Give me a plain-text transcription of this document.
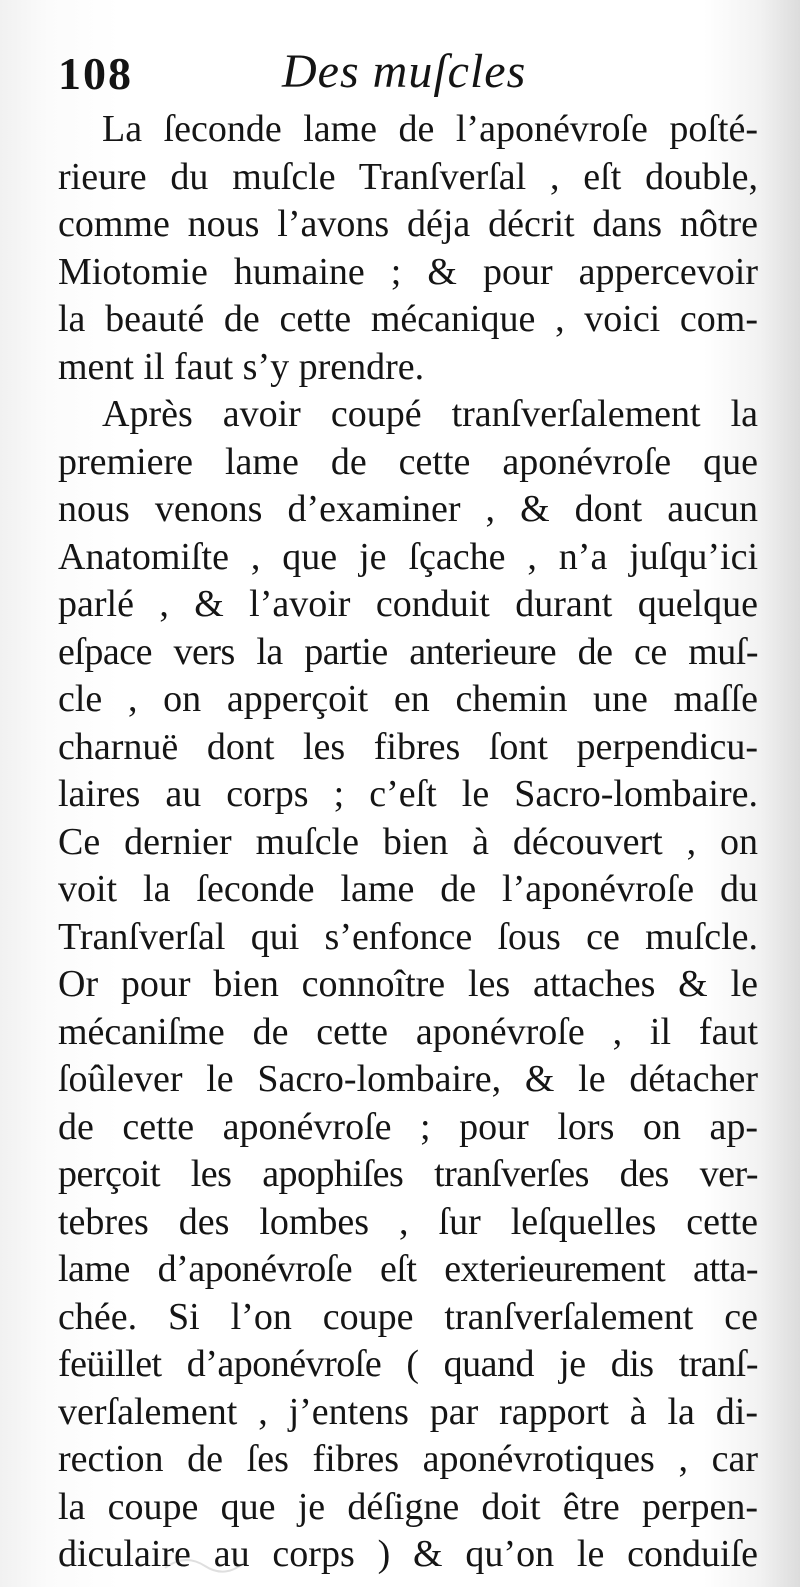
108	Des muſcles
La ſeconde lame de l’aponévroſe poſté-
rieure du muſcle Tranſverſal , eſt double,
comme nous l’avons déja décrit dans nôtre
Miotomie humaine ; & pour appercevoir
la beauté de cette mécanique , voici com-
ment il faut s’y prendre.
Après avoir coupé tranſverſalement la
premiere lame de cette aponévroſe que
nous venons d’examiner , & dont aucun
Anatomiſte , que je ſçache , n’a juſqu’ici
parlé , & l’avoir conduit durant quelque
eſpace vers la partie anterieure de ce muſ-
cle , on apperçoit en chemin une maſſe
charnuë dont les fibres ſont perpendicu-
laires au corps ; c’eſt le Sacro-lombaire.
Ce dernier muſcle bien à découvert , on
voit la ſeconde lame de l’aponévroſe du
Tranſverſal qui s’enfonce ſous ce muſcle.
Or pour bien connoître les attaches & le
mécaniſme de cette aponévroſe , il faut
ſoûlever le Sacro-lombaire, & le détacher
de cette aponévroſe ; pour lors on ap-
perçoit les apophiſes tranſverſes des ver-
tebres des lombes , ſur leſquelles cette
lame d’aponévroſe eſt exterieurement atta-
chée. Si l’on coupe tranſverſalement ce
feüillet d’aponévroſe ( quand je dis tranſ-
verſalement , j’entens par rapport à la di-
rection de ſes fibres aponévrotiques , car
la coupe que je déſigne doit être perpen-
diculaire au corps ) & qu’on le conduiſe
